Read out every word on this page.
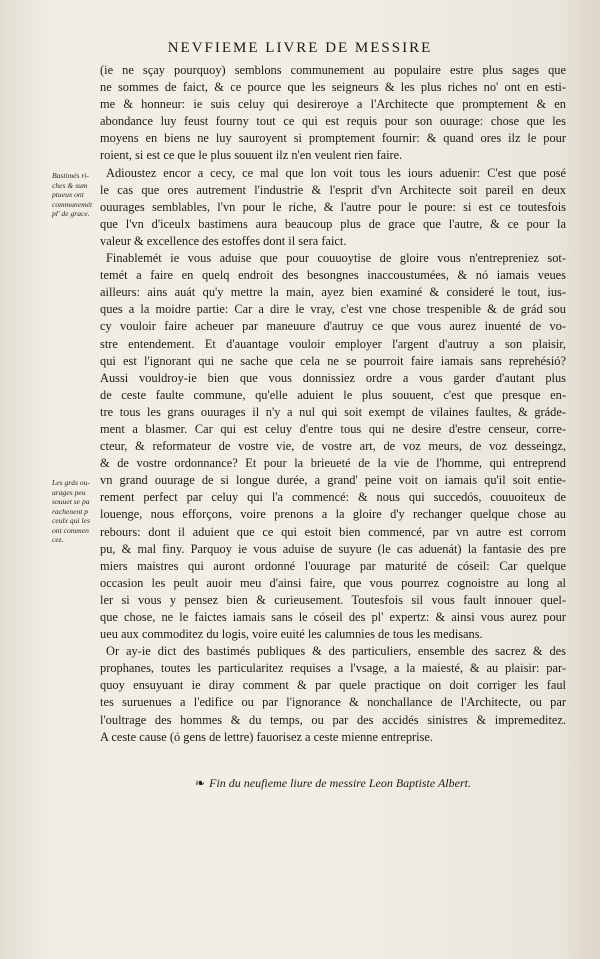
NEVFIEME LIVRE DE MESSIRE
Bastimés ri-
ches & sum
ptueux ont
communemét
pl' de grace.
Les grás ou-
urages peu
souuet se pa
rachenent p
ceulx qui les
ont commen
cez.
(ie ne sçay pourquoy) semblons communement au populaire estre plus sages que
ne sommes de faict, & ce pource que les seigneurs & les plus riches no' ont en esti-
me & honneur: ie suis celuy qui desireroye a l'Architecte que promptement & en
abondance luy feust fourny tout ce qui est requis pour son ouurage: chose que les
moyens en biens ne luy sauroyent si promptement fournir: & quand ores ilz le pour
roient, si est ce que le plus souuent ilz n'en veulent rien faire.
Adioustez encor a cecy, ce mal que lon voit tous les iours aduenir: C'est que posé
le cas que ores autrement l'industrie & l'esprit d'vn Architecte soit pareil en deux
ouurages semblables, l'vn pour le riche, & l'autre pour le poure: si est ce toutesfois
que l'vn d'iceulx bastimens aura beaucoup plus de grace que l'autre, & ce pour la
valeur & excellence des estoffes dont il sera faict.
Finablemét ie vous aduise que pour couuoytise de gloire vous n'entrepreniez sot-
temét a faire en quelq endroit des besongnes inaccoustumées, & nó iamais veues
ailleurs: ains auát qu'y mettre la main, ayez bien examiné & consideré le tout, ius-
ques a la moidre partie: Car a dire le vray, c'est vne chose trespenible & de grád sou
cy vouloir faire acheuer par maneuure d'autruy ce que vous aurez inuenté de vo-
stre entendement. Et d'auantage vouloir employer l'argent d'autruy a son plaisir,
qui est l'ignorant qui ne sache que cela ne se pourroit faire iamais sans reprehésió?
Aussi vouldroy-ie bien que vous donnissiez ordre a vous garder d'autant plus
de ceste faulte commune, qu'elle aduient le plus souuent, c'est que presque en-
tre tous les grans ouurages il n'y a nul qui soit exempt de vilaines faultes, & gráde-
ment a blasmer. Car qui est celuy d'entre tous qui ne desire d'estre censeur, corre-
cteur, & reformateur de vostre vie, de vostre art, de voz meurs, de voz desseingz,
& de vostre ordonnance? Et pour la brieueté de la vie de l'homme, qui entreprend
vn grand ouurage de si longue durée, a grand' peine voit on iamais qu'il soit entie-
rement perfect par celuy qui l'a commencé: & nous qui succedós, couuoiteux de
louenge, nous efforçons, voire prenons a la gloire d'y rechanger quelque chose au
rebours: dont il aduient que ce qui estoit bien commencé, par vn autre est corrom
pu, & mal finy. Parquoy ie vous aduise de suyure (le cas aduenát) la fantasie des pre
miers maistres qui auront ordonné l'ouurage par maturité de cóseil: Car quelque
occasion les peult auoir meu d'ainsi faire, que vous pourrez cognoistre au long al
ler si vous y pensez bien & curieusement. Toutesfois sil vous fault innouer quel-
que chose, ne le faictes iamais sans le cóseil des pl' expertz: & ainsi vous aurez pour
ueu aux commoditez du logis, voire euité les calumnies de tous les medisans.
Or ay-ie dict des bastimés publiques & des particuliers, ensemble des sacrez & des
prophanes, toutes les particularitez requises a l'vsage, a la maiesté, & au plaisir: par-
quoy ensuyuant ie diray comment & par quele practique on doit corriger les faul
tes suruenues a l'edifice ou par l'ignorance & nonchallance de l'Architecte, ou par
l'oultrage des hommes & du temps, ou par des accidés sinistres & impremeditez.
A ceste cause (ó gens de lettre) fauorisez a ceste mienne entreprise.
❧ Fin du neufieme liure de messire Leon Baptiste Albert.
